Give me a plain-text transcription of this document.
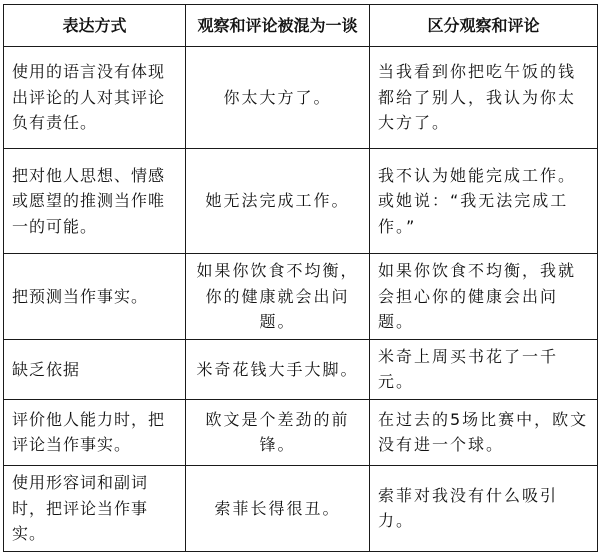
表达方式	观察和评论被混为一谈	区分观察和评论
使用的语言没有体现出评论的人对其评论负有责任。	你太大方了。	当我看到你把吃午饭的钱都给了别人，我认为你太大方了。
把对他人思想、情感或愿望的推测当作唯一的可能。	她无法完成工作。	我不认为她能完成工作。或她说：“我无法完成工作。”
把预测当作事实。	如果你饮食不均衡，你的健康就会出问题。	如果你饮食不均衡，我就会担心你的健康会出问题。
缺乏依据	米奇花钱大手大脚。	米奇上周买书花了一千元。
评价他人能力时，把评论当作事实。	欧文是个差劲的前锋。	在过去的5场比赛中，欧文没有进一个球。
使用形容词和副词时，把评论当作事实。	索菲长得很丑。	索菲对我没有什么吸引力。
